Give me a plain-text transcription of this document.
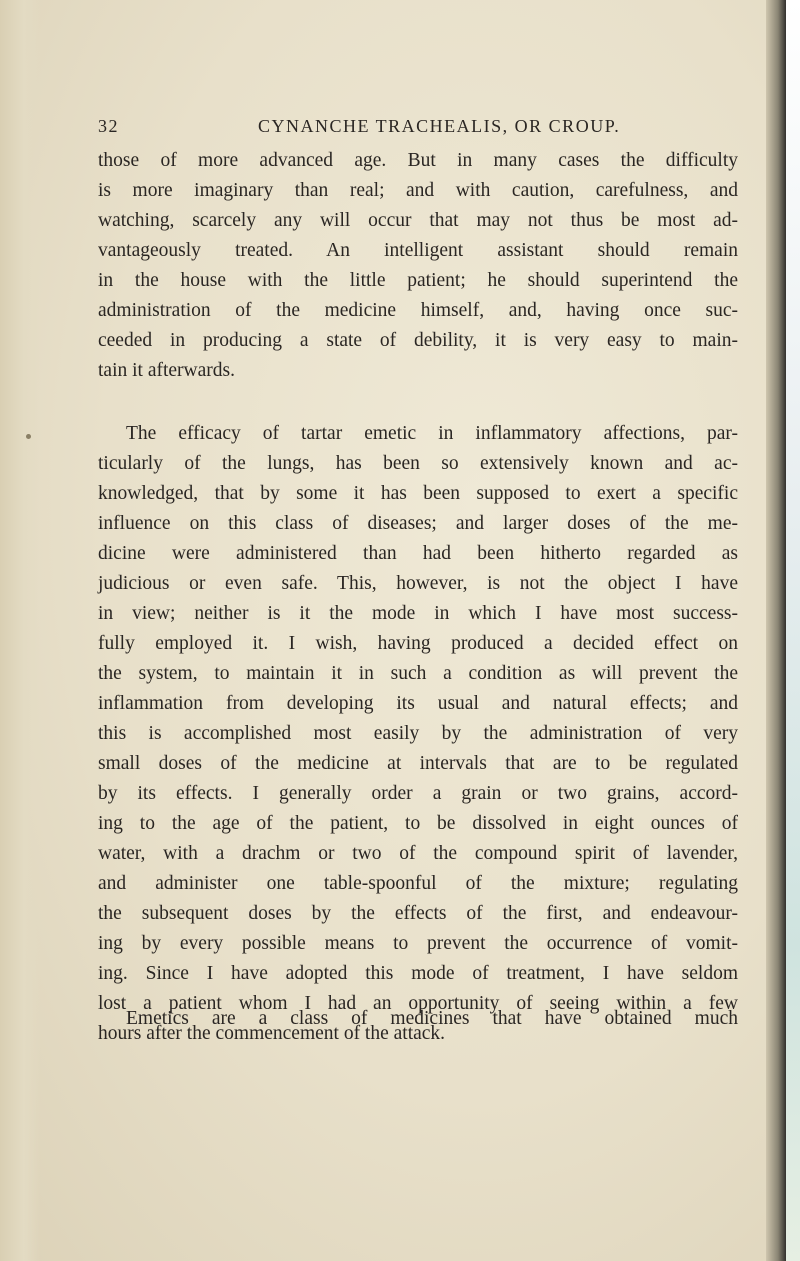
32	CYNANCHE TRACHEALIS, OR CROUP.
those of more advanced age. But in many cases the difficulty
is more imaginary than real; and with caution, carefulness, and
watching, scarcely any will occur that may not thus be most ad-
vantageously treated. An intelligent assistant should remain
in the house with the little patient; he should superintend the
administration of the medicine himself, and, having once suc-
ceeded in producing a state of debility, it is very easy to main-
tain it afterwards.
The efficacy of tartar emetic in inflammatory affections, par-
ticularly of the lungs, has been so extensively known and ac-
knowledged, that by some it has been supposed to exert a specific
influence on this class of diseases; and larger doses of the me-
dicine were administered than had been hitherto regarded as
judicious or even safe. This, however, is not the object I have
in view; neither is it the mode in which I have most success-
fully employed it. I wish, having produced a decided effect on
the system, to maintain it in such a condition as will prevent the
inflammation from developing its usual and natural effects; and
this is accomplished most easily by the administration of very
small doses of the medicine at intervals that are to be regulated
by its effects. I generally order a grain or two grains, accord-
ing to the age of the patient, to be dissolved in eight ounces of
water, with a drachm or two of the compound spirit of lavender,
and administer one table-spoonful of the mixture; regulating
the subsequent doses by the effects of the first, and endeavour-
ing by every possible means to prevent the occurrence of vomit-
ing. Since I have adopted this mode of treatment, I have seldom
lost a patient whom I had an opportunity of seeing within a few
hours after the commencement of the attack.
Emetics are a class of medicines that have obtained much
